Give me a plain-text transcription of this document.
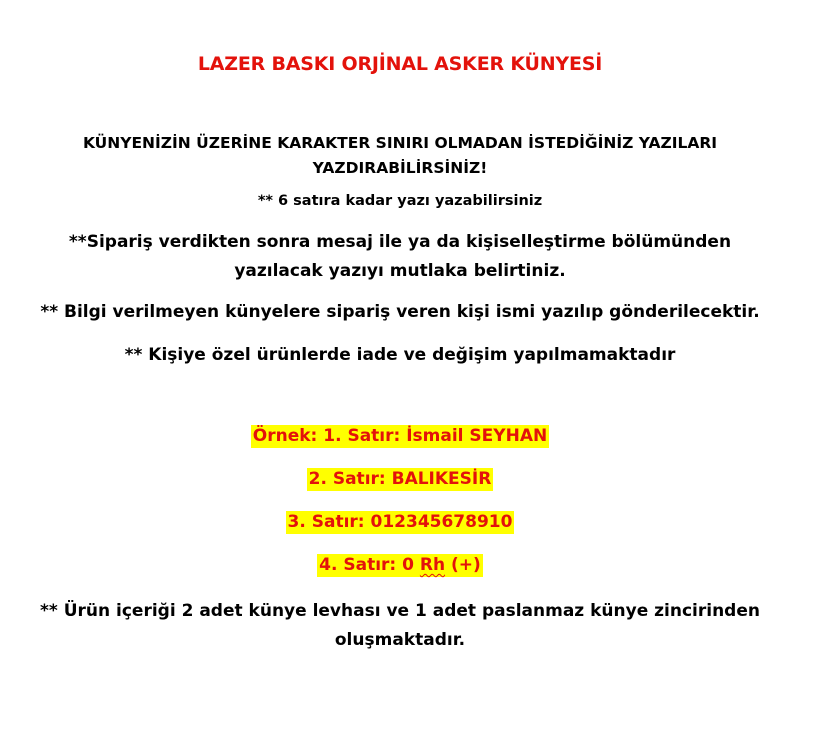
LAZER BASKI ORJİNAL ASKER KÜNYESİ
KÜNYENİZİN ÜZERİNE KARAKTER SINIRI OLMADAN İSTEDİĞİNİZ YAZILARI YAZDIRABİLİRSİNİZ!
** 6 satıra kadar yazı yazabilirsiniz
**Sipariş verdikten sonra mesaj ile ya da kişiselleştirme bölümünden yazılacak yazıyı mutlaka belirtiniz.
** Bilgi verilmeyen künyelere sipariş veren kişi ismi yazılıp gönderilecektir.
** Kişiye özel ürünlerde iade ve değişim yapılmamaktadır
Örnek: 1. Satır: İsmail SEYHAN
2. Satır: BALIKESİR
3. Satır: 012345678910
4. Satır: 0 Rh (+)
** Ürün içeriği 2 adet künye levhası ve 1 adet paslanmaz künye zincirinden oluşmaktadır.
